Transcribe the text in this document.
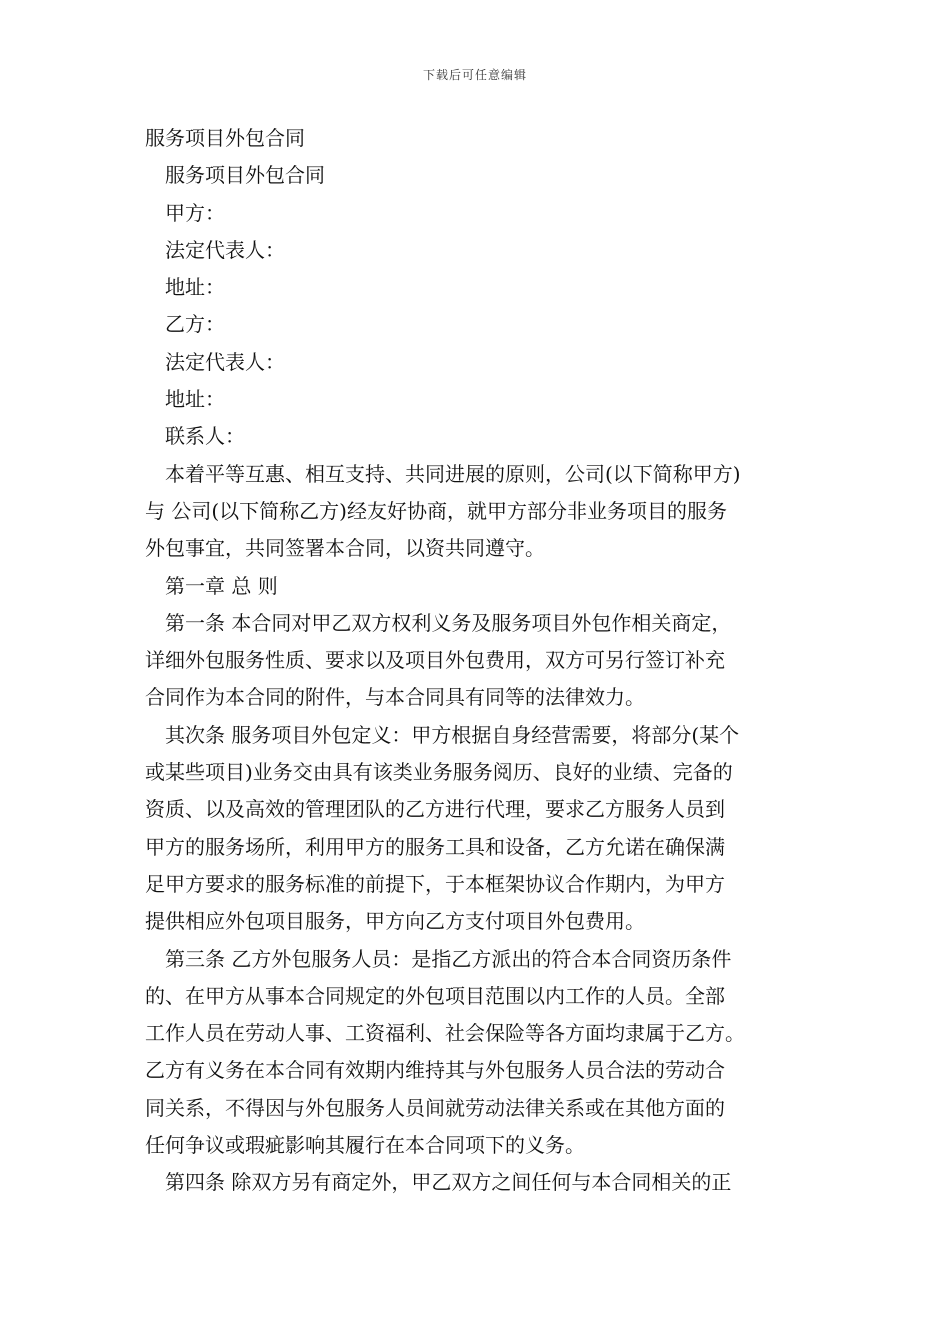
下载后可任意编辑
服务项目外包合同
服务项目外包合同
甲方：
法定代表人：
地址：
乙方：
法定代表人：
地址：
联系人：
本着平等互惠、相互支持、共同进展的原则，公司(以下简称甲方)
与 公司(以下简称乙方)经友好协商，就甲方部分非业务项目的服务
外包事宜，共同签署本合同，以资共同遵守。
第一章 总 则
第一条 本合同对甲乙双方权利义务及服务项目外包作相关商定，
详细外包服务性质、要求以及项目外包费用，双方可另行签订补充
合同作为本合同的附件，与本合同具有同等的法律效力。
其次条 服务项目外包定义：甲方根据自身经营需要，将部分(某个
或某些项目)业务交由具有该类业务服务阅历、良好的业绩、完备的
资质、以及高效的管理团队的乙方进行代理，要求乙方服务人员到
甲方的服务场所，利用甲方的服务工具和设备，乙方允诺在确保满
足甲方要求的服务标准的前提下，于本框架协议合作期内，为甲方
提供相应外包项目服务，甲方向乙方支付项目外包费用。
第三条 乙方外包服务人员：是指乙方派出的符合本合同资历条件
的、在甲方从事本合同规定的外包项目范围以内工作的人员。全部
工作人员在劳动人事、工资福利、社会保险等各方面均隶属于乙方。
乙方有义务在本合同有效期内维持其与外包服务人员合法的劳动合
同关系，不得因与外包服务人员间就劳动法律关系或在其他方面的
任何争议或瑕疵影响其履行在本合同项下的义务。
第四条 除双方另有商定外，甲乙双方之间任何与本合同相关的正
